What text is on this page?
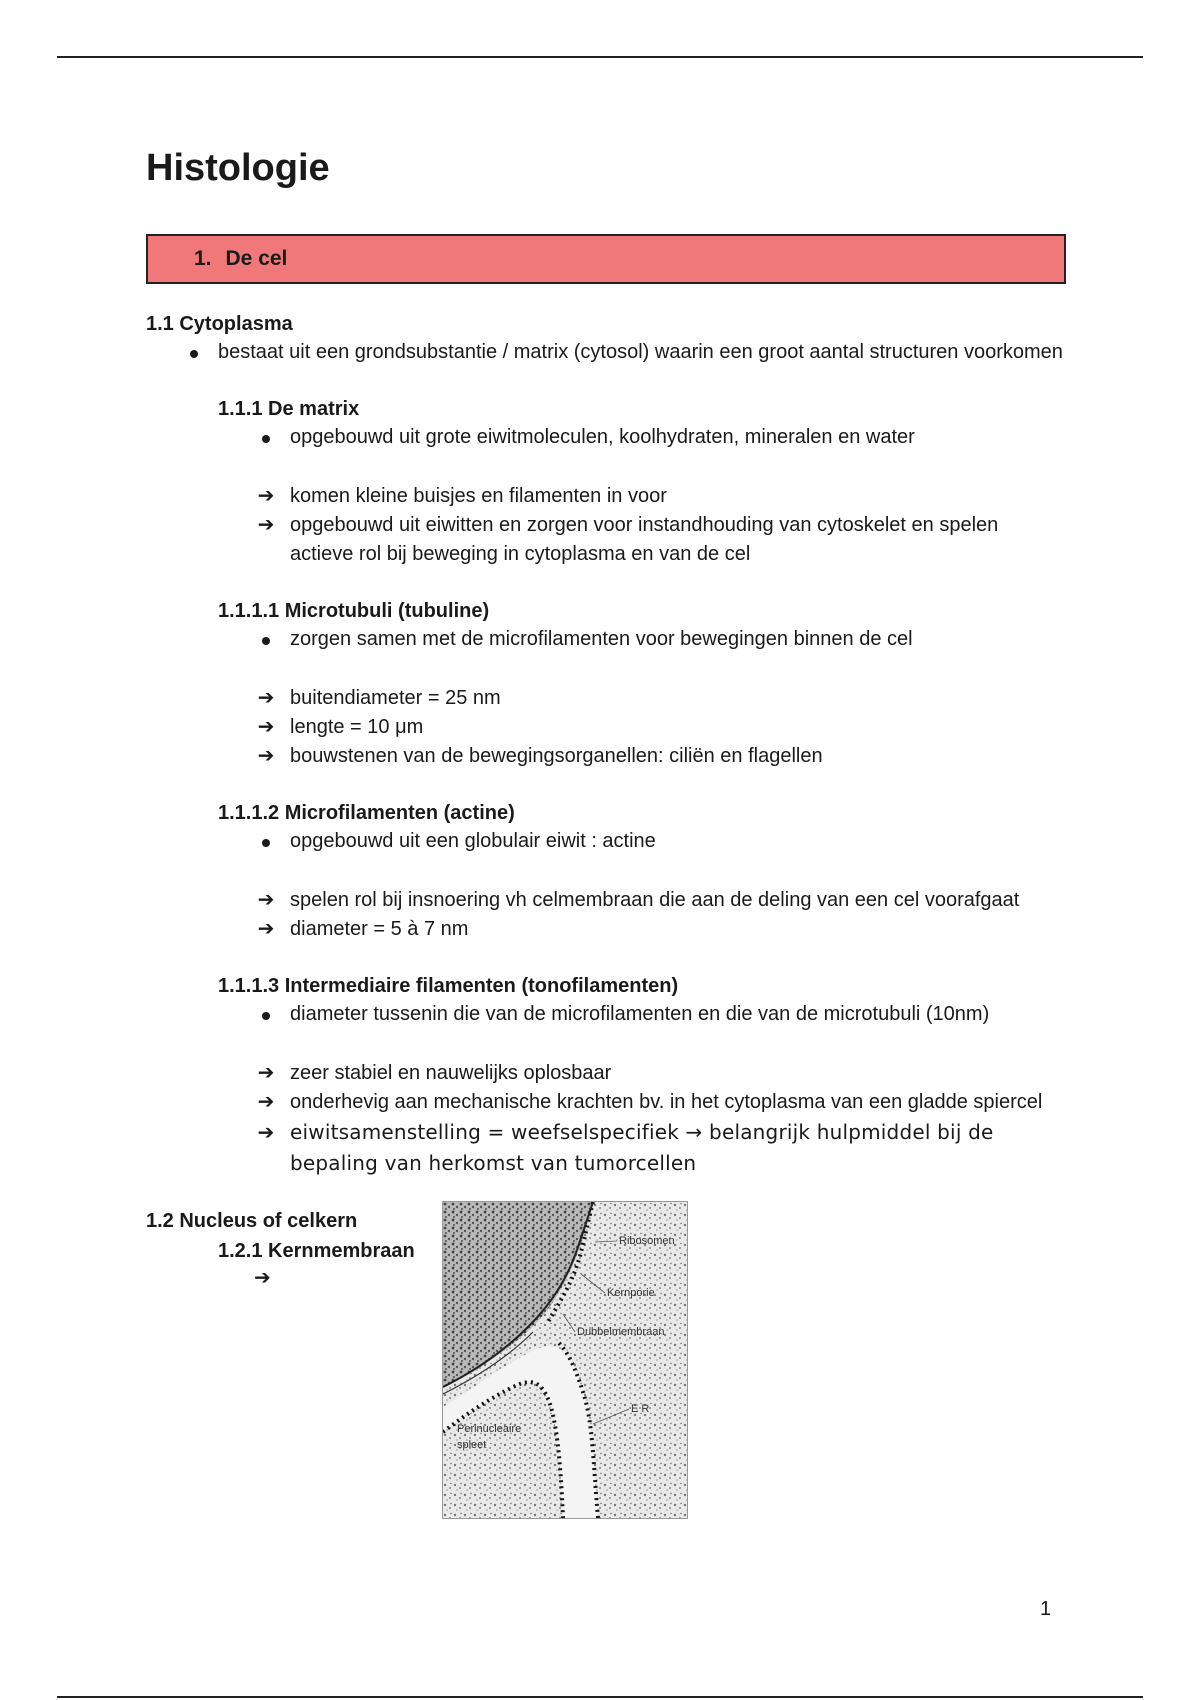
Histologie
1. De cel
1.1 Cytoplasma
bestaat uit een grondsubstantie / matrix (cytosol) waarin een groot aantal structuren voorkomen
1.1.1 De matrix
opgebouwd uit grote eiwitmoleculen, koolhydraten, mineralen en water
➔ komen kleine buisjes en filamenten in voor
➔ opgebouwd uit eiwitten en zorgen voor instandhouding van cytoskelet en spelen actieve rol bij beweging in cytoplasma en van de cel
1.1.1.1 Microtubuli (tubuline)
zorgen samen met de microfilamenten voor bewegingen binnen de cel
➔ buitendiameter = 25 nm
➔ lengte = 10 μm
➔ bouwstenen van de bewegingsorganellen: ciliën en flagellen
1.1.1.2 Microfilamenten (actine)
opgebouwd uit een globulair eiwit : actine
➔ spelen rol bij insnoering vh celmembraan die aan de deling van een cel voorafgaat
➔ diameter = 5 à 7 nm
1.1.1.3 Intermediaire filamenten (tonofilamenten)
diameter tussenin die van de microfilamenten en die van de microtubuli (10nm)
➔ zeer stabiel en nauwelijks oplosbaar
➔ onderhevig aan mechanische krachten bv. in het cytoplasma van een gladde spiercel
➔ eiwitsamenstelling = weefselspecifiek → belangrijk hulpmiddel bij de bepaling van herkomst van tumorcellen
1.2 Nucleus of celkern
1.2.1 Kernmembraan
➔
Ribosomen
Kernporie
Dubbelmembraan
E R
Perinucleaire
spleet
1
